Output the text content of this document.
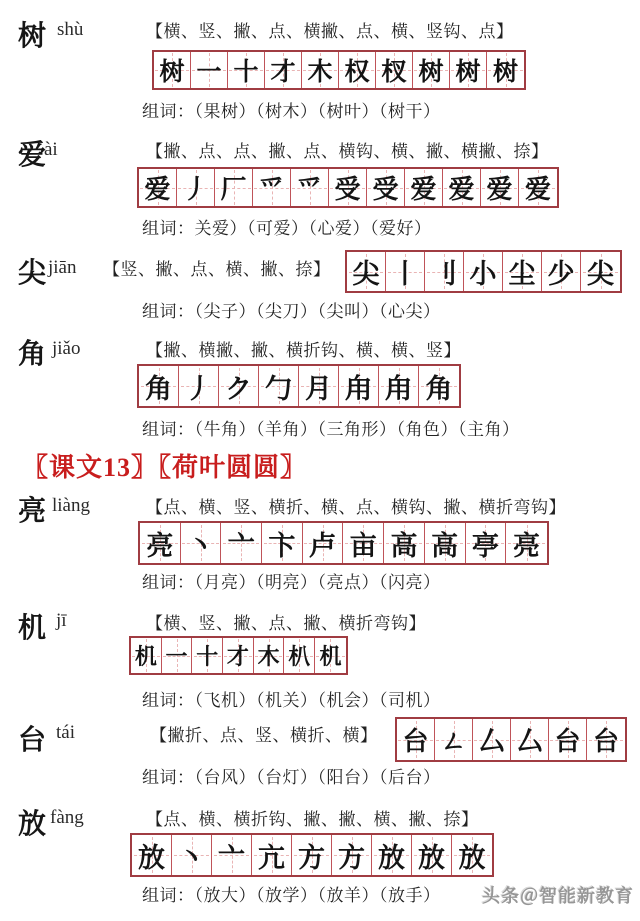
树 shù	【横、竖、撇、点、横撇、点、横、竖钩、点】
树 一 十 才 木 权 杈 树 树 树
组词：（果树）（树木）（树叶）（树干）
爱
ài	【撇、点、点、撇、点、横钩、横、撇、横撇、捺】
爱 丿 厂 爫 爫 受 受 爱 爱 爱 爱
组词：关爱）（可爱）（心爱）（爱好）
尖 jiān 【竖、撇、点、横、撇、捺】 尖 丨 刂 小 尘 少 尖
组词：（尖子）（尖刀）（尖叫）（心尖）
角 jiǎo	【撇、横撇、撇、横折钩、横、横、竖】
角 丿 ク 勹 月 甪 甪 角
组词：（牛角）（羊角）（三角形）（角色）（主角）
〖课文13〗〖荷叶圆圆〗
亮 liàng	【点、横、竖、横折、横、点、横钩、撇、横折弯钩】
亮 丶 亠 卞 卢 亩 高 高 亭 亮
组词：（月亮）（明亮）（亮点）（闪亮）
机 jī	【横、竖、撇、点、撇、横折弯钩】
机 一 十 才 木 朳 机
组词：（飞机）（机关）（机会）（司机）
台 tái	【撇折、点、竖、横折、横】 台 ㄥ 厶 厶 台 台
组词：（台风）（台灯）（阳台）（后台）
放 fàng	【点、横、横折钩、撇、撇、横、撇、捺】
放 丶 亠 亢 方 方 放 放 放
组词：（放大）（放学）（放羊）（放手） 头条＠智能新教育
